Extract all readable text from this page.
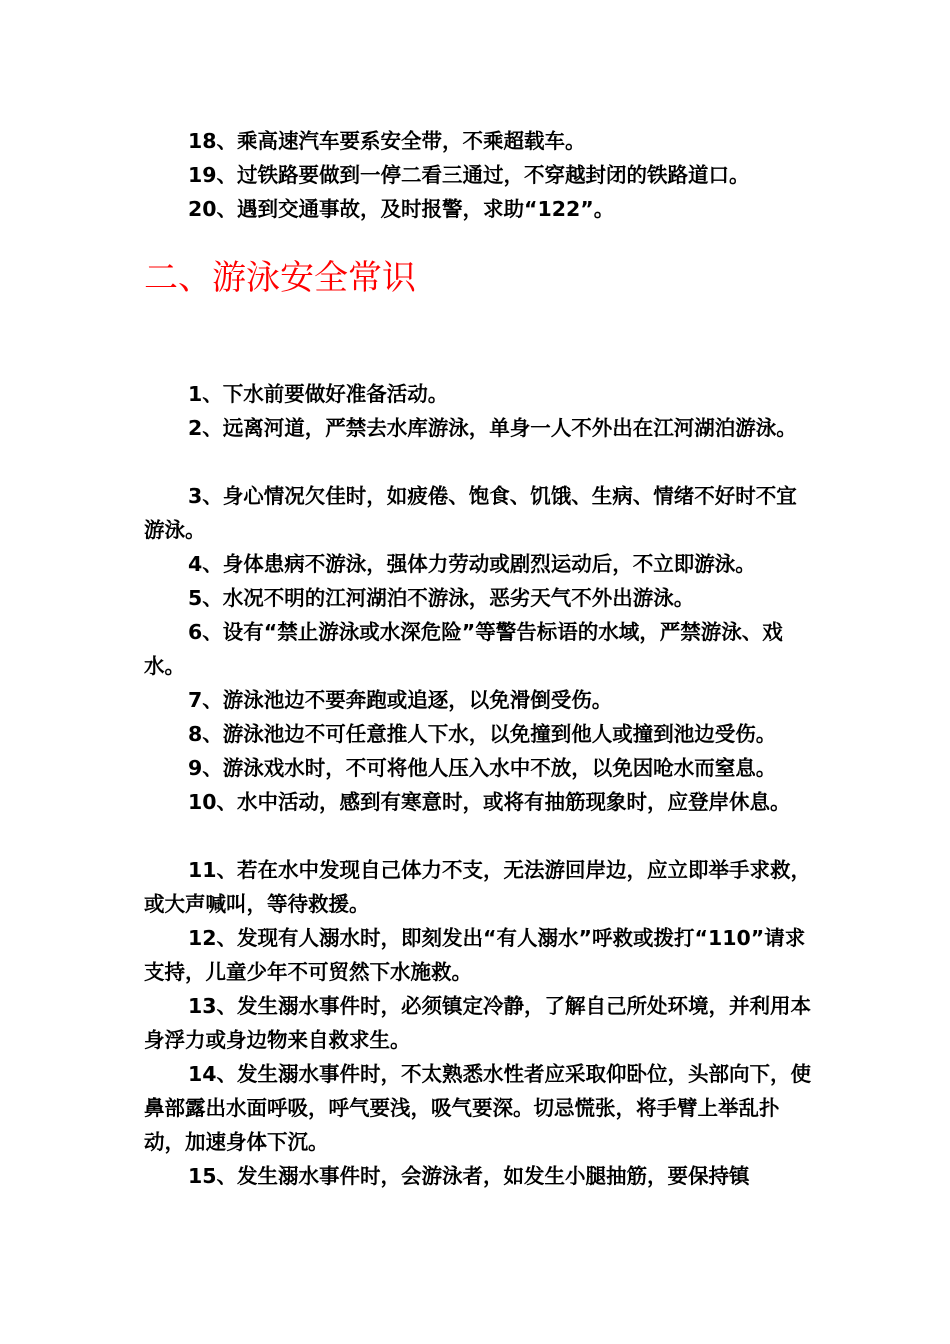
18、乘高速汽车要系安全带，不乘超载车。

19、过铁路要做到一停二看三通过，不穿越封闭的铁路道口。

20、遇到交通事故，及时报警，求助“122”。

二、游泳安全常识

1、下水前要做好准备活动。

2、远离河道，严禁去水库游泳，单身一人不外出在江河湖泊游泳。

3、身心情况欠佳时，如疲倦、饱食、饥饿、生病、情绪不好时不宜游泳。

4、身体患病不游泳，强体力劳动或剧烈运动后，不立即游泳。

5、水况不明的江河湖泊不游泳，恶劣天气不外出游泳。

6、设有“禁止游泳或水深危险”等警告标语的水域，严禁游泳、戏水。

7、游泳池边不要奔跑或追逐，以免滑倒受伤。

8、游泳池边不可任意推人下水，以免撞到他人或撞到池边受伤。

9、游泳戏水时，不可将他人压入水中不放，以免因呛水而窒息。

10、水中活动，感到有寒意时，或将有抽筋现象时，应登岸休息。

11、若在水中发现自己体力不支，无法游回岸边，应立即举手求救，或大声喊叫，等待救援。

12、发现有人溺水时，即刻发出“有人溺水”呼救或拨打“110”请求支持，儿童少年不可贸然下水施救。

13、发生溺水事件时，必须镇定冷静，了解自己所处环境，并利用本身浮力或身边物来自救求生。

14、发生溺水事件时，不太熟悉水性者应采取仰卧位，头部向下，使鼻部露出水面呼吸，呼气要浅，吸气要深。切忌慌张，将手臂上举乱扑动，加速身体下沉。

15、发生溺水事件时，会游泳者，如发生小腿抽筋，要保持镇
